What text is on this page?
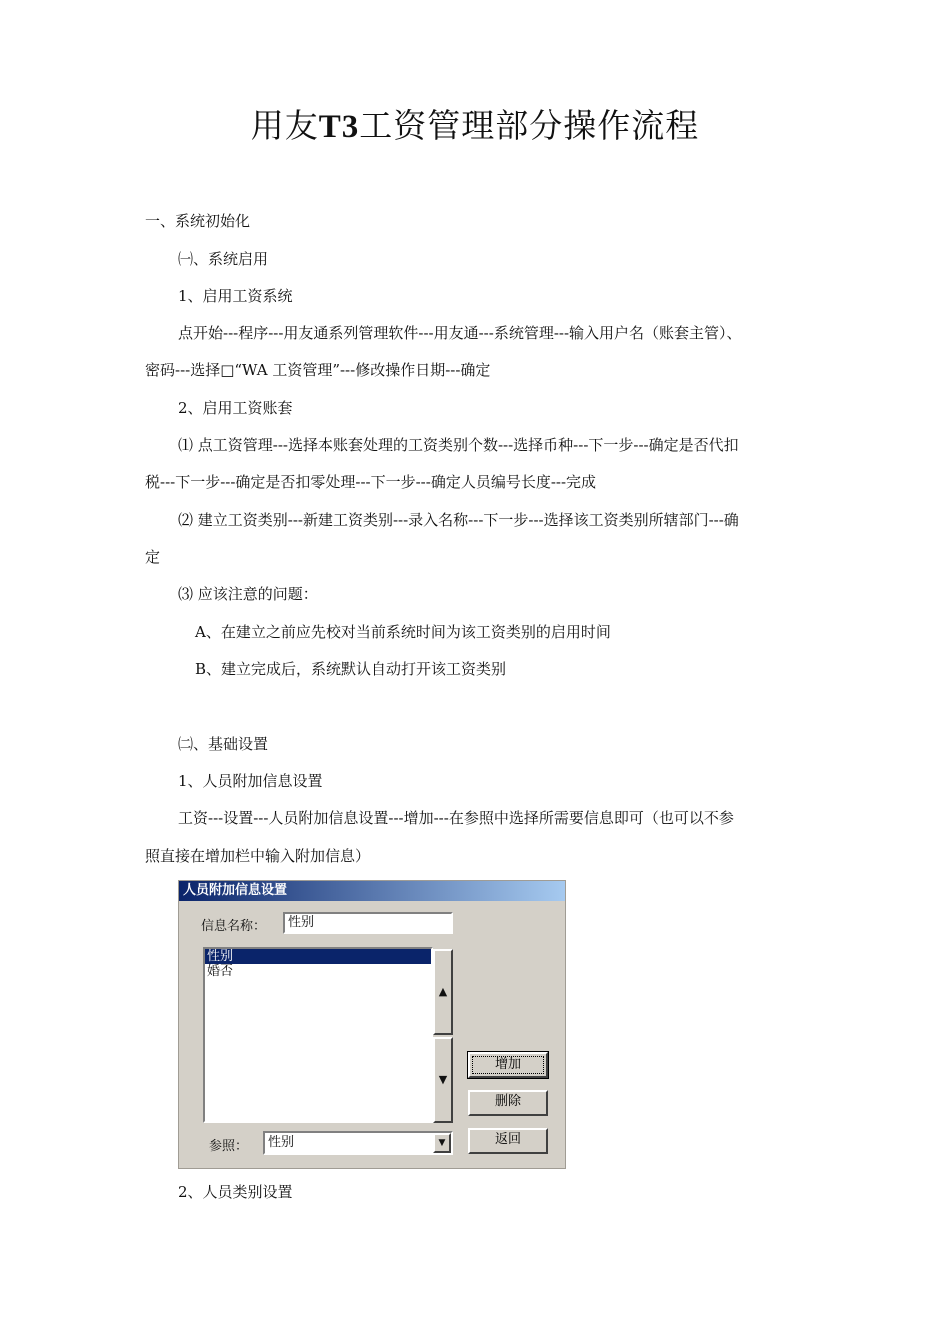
用友T3工资管理部分操作流程
一、系统初始化
㈠、系统启用
1、启用工资系统
点开始---程序---用友通系列管理软件---用友通---系统管理---输入用户名（账套主管）、
密码---选择□“WA 工资管理”---修改操作日期---确定
2、启用工资账套
⑴ 点工资管理---选择本账套处理的工资类别个数---选择币种---下一步---确定是否代扣
税---下一步---确定是否扣零处理---下一步---确定人员编号长度---完成
⑵ 建立工资类别---新建工资类别---录入名称---下一步---选择该工资类别所辖部门---确
定
⑶ 应该注意的问题：
A、在建立之前应先校对当前系统时间为该工资类别的启用时间
B、建立完成后，系统默认自动打开该工资类别
㈡、基础设置
1、人员附加信息设置
工资---设置---人员附加信息设置---增加---在参照中选择所需要信息即可（也可以不参
照直接在增加栏中输入附加信息）
2、人员类别设置
人员附加信息设置
信息名称：	性别
性别
婚否
▲
▼
增加
删除
返回
参照：	性别	▼
